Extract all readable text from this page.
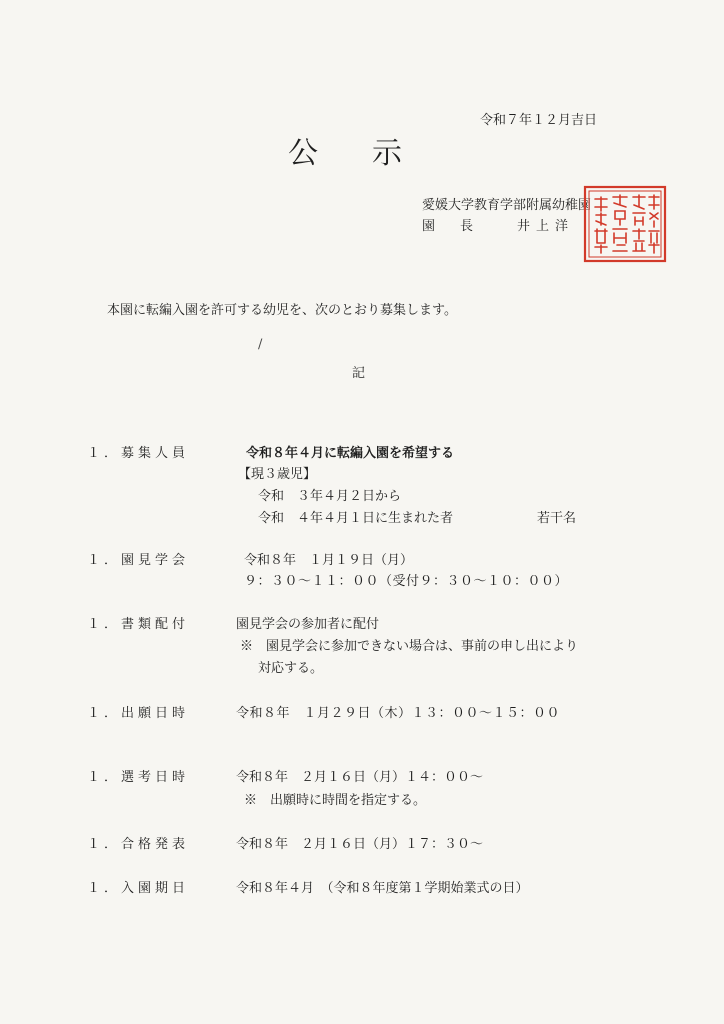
令和７年１２月吉日
公示
愛媛大学教育学部附属幼稚園
園　長　　井上洋
/
本園に転編入園を許可する幼児を、次のとおり募集します。
記
１．募集人員	令和８年４月に転編入園を希望する
【現３歳児】
令和　３年４月２日から
令和　４年４月１日に生まれた者	若干名
１．園見学会	令和８年　１月１９日（月）
９：３０～１１：００（受付９：３０～１０：００）
１．書類配付	園見学会の参加者に配付
※　園見学会に参加できない場合は、事前の申し出により
対応する。
１．出願日時	令和８年　１月２９日（木）１３：００～１５：００
１．選考日時	令和８年　２月１６日（月）１４：００～
※　出願時に時間を指定する。
１．合格発表	令和８年　２月１６日（月）１７：３０～
１．入園期日	令和８年４月　（令和８年度第１学期始業式の日）
